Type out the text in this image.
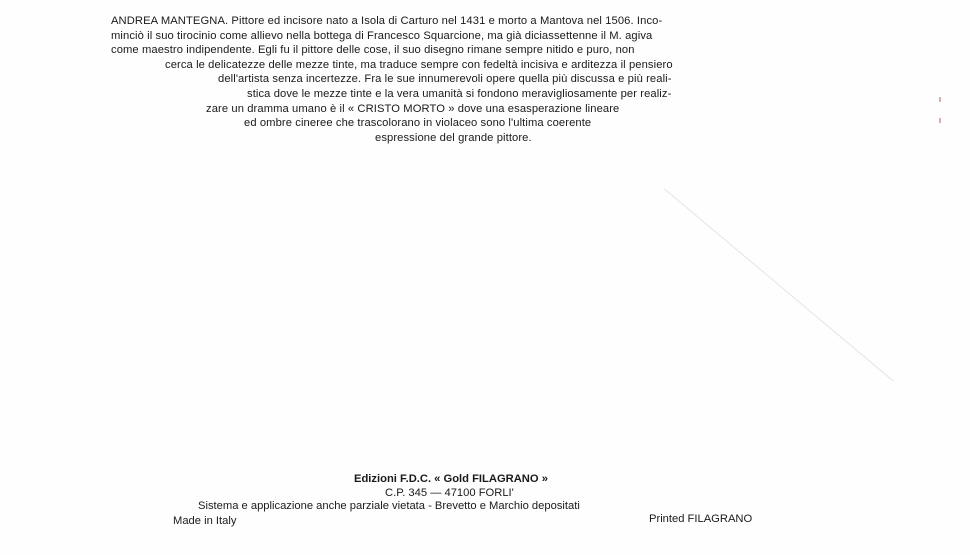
ANDREA MANTEGNA. Pittore ed incisore nato a Isola di Carturo nel 1431 e morto a Mantova nel 1506. Inco-
minciò il suo tirocinio come allievo nella bottega di Francesco Squarcione, ma già diciassettenne il M. agiva
come maestro indipendente. Egli fu il pittore delle cose, il suo disegno rimane sempre nitido e puro, non
cerca le delicatezze delle mezze tinte, ma traduce sempre con fedeltà incisiva e arditezza il pensiero
dell'artista senza incertezze. Fra le sue innumerevoli opere quella più discussa e più reali-
stica dove le mezze tinte e la vera umanità si fondono meravigliosamente per realiz-
zare un dramma umano è il « CRISTO MORTO » dove una esasperazione lineare
ed ombre cineree che trascolorano in violaceo sono l'ultima coerente
espressione del grande pittore.
Edizioni F.D.C. « Gold FILAGRANO »
C.P. 345 — 47100 FORLI'
Sistema e applicazione anche parziale vietata - Brevetto e Marchio depositati
Made in Italy	Printed FILAGRANO
